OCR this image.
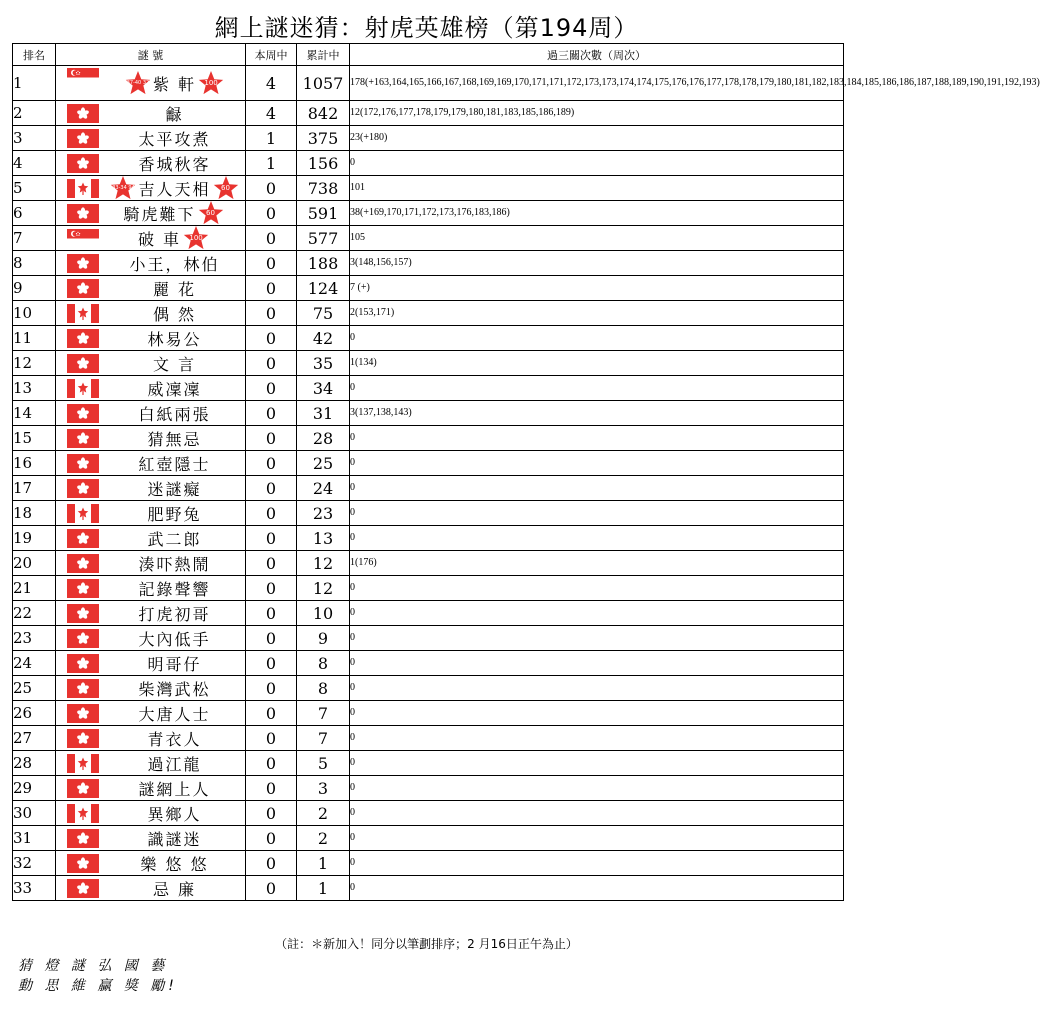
網上謎迷猜：射虎英雄榜（第194周）
排名	謎 號	本周中	累計中	過三關次數（周次）
1	37-40 32 紫 軒 100	4	1057	178(+163,164,165,166,167,168,169,169,170,171,171,172,173,173,174,174,175,176,176,177,178,178,179,180,181,182,183,184,185,186,186,187,188,189,190,191,192,193)
2	龣	4	842	12(172,176,177,178,179,179,180,181,183,185,186,189)
3	太平攻煮	1	375	23(+180)
4	香城秋客	1	156	0
5	33-34 94 吉人天相 60	0	738	101
6	騎虎難下 60	0	591	38(+169,170,171,172,173,176,183,186)
7	破 車 100	0	577	105
8	小王，林伯	0	188	3(148,156,157)
9	麗 花	0	124	7 (+)
10	偶 然	0	75	2(153,171)
11	林易公	0	42	0
12	文 言	0	35	1(134)
13	威凜凜	0	34	0
14	白紙兩張	0	31	3(137,138,143)
15	猜無忌	0	28	0
16	紅壺隱士	0	25	0
17	迷謎癡	0	24	0
18	肥野兔	0	23	0
19	武二郎	0	13	0
20	湊吓熱鬧	0	12	1(176)
21	記錄聲響	0	12	0
22	打虎初哥	0	10	0
23	大內低手	0	9	0
24	明哥仔	0	8	0
25	柴灣武松	0	8	0
26	大唐人士	0	7	0
27	青衣人	0	7	0
28	過江龍	0	5	0
29	謎網上人	0	3	0
30	異鄉人	0	2	0
31	識謎迷	0	2	0
32	樂 悠 悠	0	1	0
33	忌 廉	0	1	0
（註：＊新加入！同分以筆劃排序；2 月16日正午為止）
猜 燈 謎 弘 國 藝
動 思 維 贏 獎 勵!
